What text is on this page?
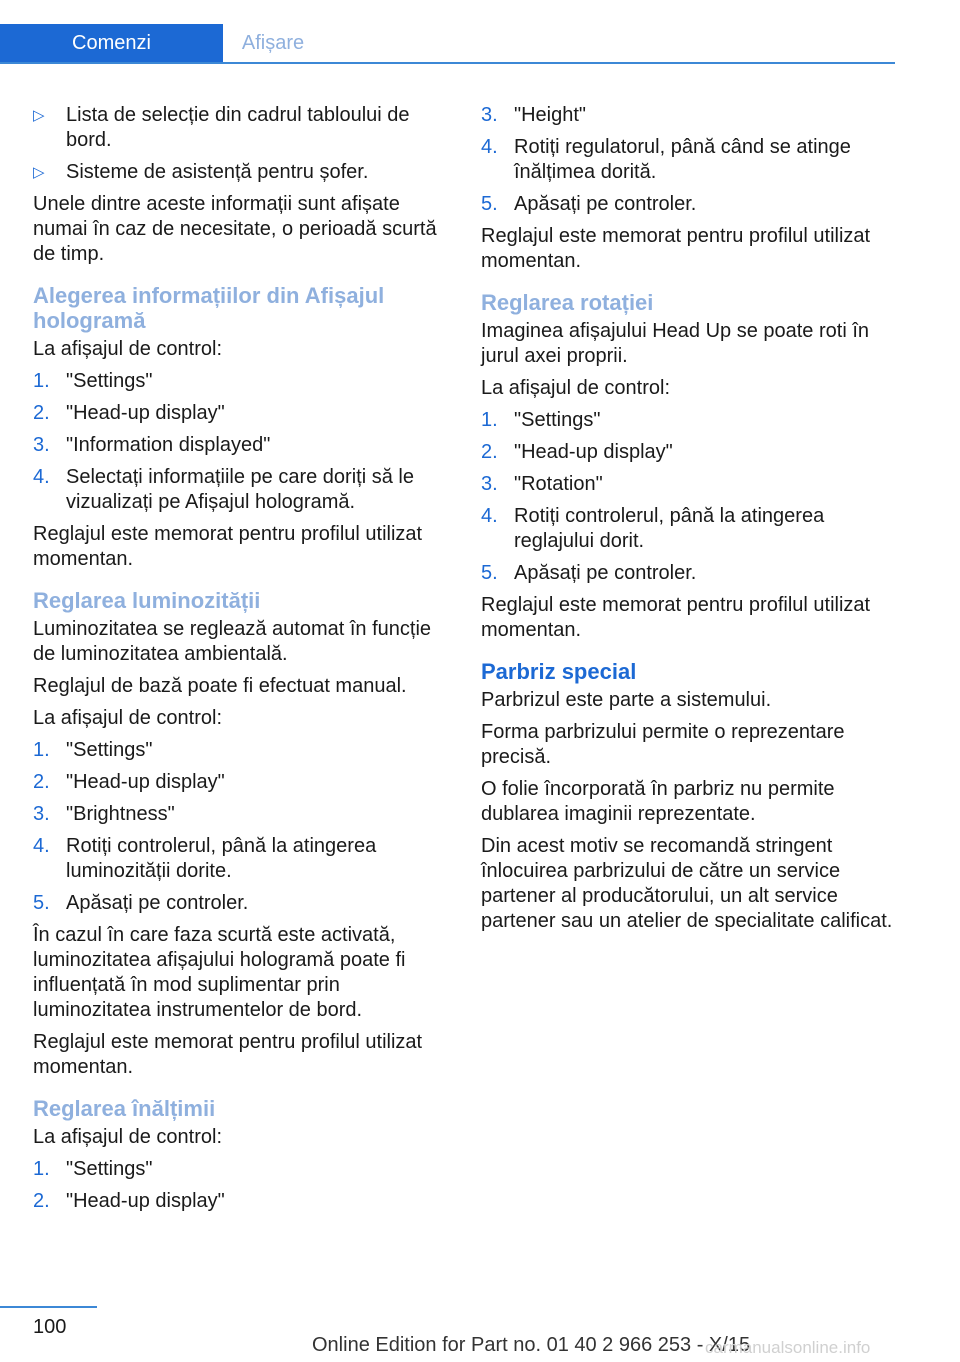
Comenzi	Afișare
▷ Lista de selecție din cadrul tabloului de bord.
▷ Sisteme de asistență pentru șofer.

Unele dintre aceste informații sunt afișate numai în caz de necesitate, o perioadă scurtă de timp.

Alegerea informațiilor din Afișajul hologramă

La afișajul de control:

1. "Settings"
2. "Head-up display"
3. "Information displayed"
4. Selectați informațiile pe care doriți să le vizualizați pe Afișajul hologramă.

Reglajul este memorat pentru profilul utilizat momentan.

Reglarea luminozității

Luminozitatea se reglează automat în funcție de luminozitatea ambientală.

Reglajul de bază poate fi efectuat manual.

La afișajul de control:

1. "Settings"
2. "Head-up display"
3. "Brightness"
4. Rotiți controlerul, până la atingerea luminozității dorite.
5. Apăsați pe controler.

În cazul în care faza scurtă este activată, luminozitatea afișajului hologramă poate fi influențată în mod suplimentar prin luminozitatea instrumentelor de bord.

Reglajul este memorat pentru profilul utilizat momentan.

Reglarea înălțimii

La afișajul de control:

1. "Settings"
2. "Head-up display"
3. "Height"
4. Rotiți regulatorul, până când se atinge înălțimea dorită.
5. Apăsați pe controler.

Reglajul este memorat pentru profilul utilizat momentan.

Reglarea rotației

Imaginea afișajului Head Up se poate roti în jurul axei proprii.

La afișajul de control:

1. "Settings"
2. "Head-up display"
3. "Rotation"
4. Rotiți controlerul, până la atingerea reglajului dorit.
5. Apăsați pe controler.

Reglajul este memorat pentru profilul utilizat momentan.

Parbriz special

Parbrizul este parte a sistemului.

Forma parbrizului permite o reprezentare precisă.

O folie încorporată în parbriz nu permite dublarea imaginii reprezentate.

Din acest motiv se recomandă stringent înlocuirea parbrizului de către un service partener al producătorului, un alt service partener sau un atelier de specialitate calificat.

100
Online Edition for Part no. 01 40 2 966 253 - X/15
carmanualsonline.info
